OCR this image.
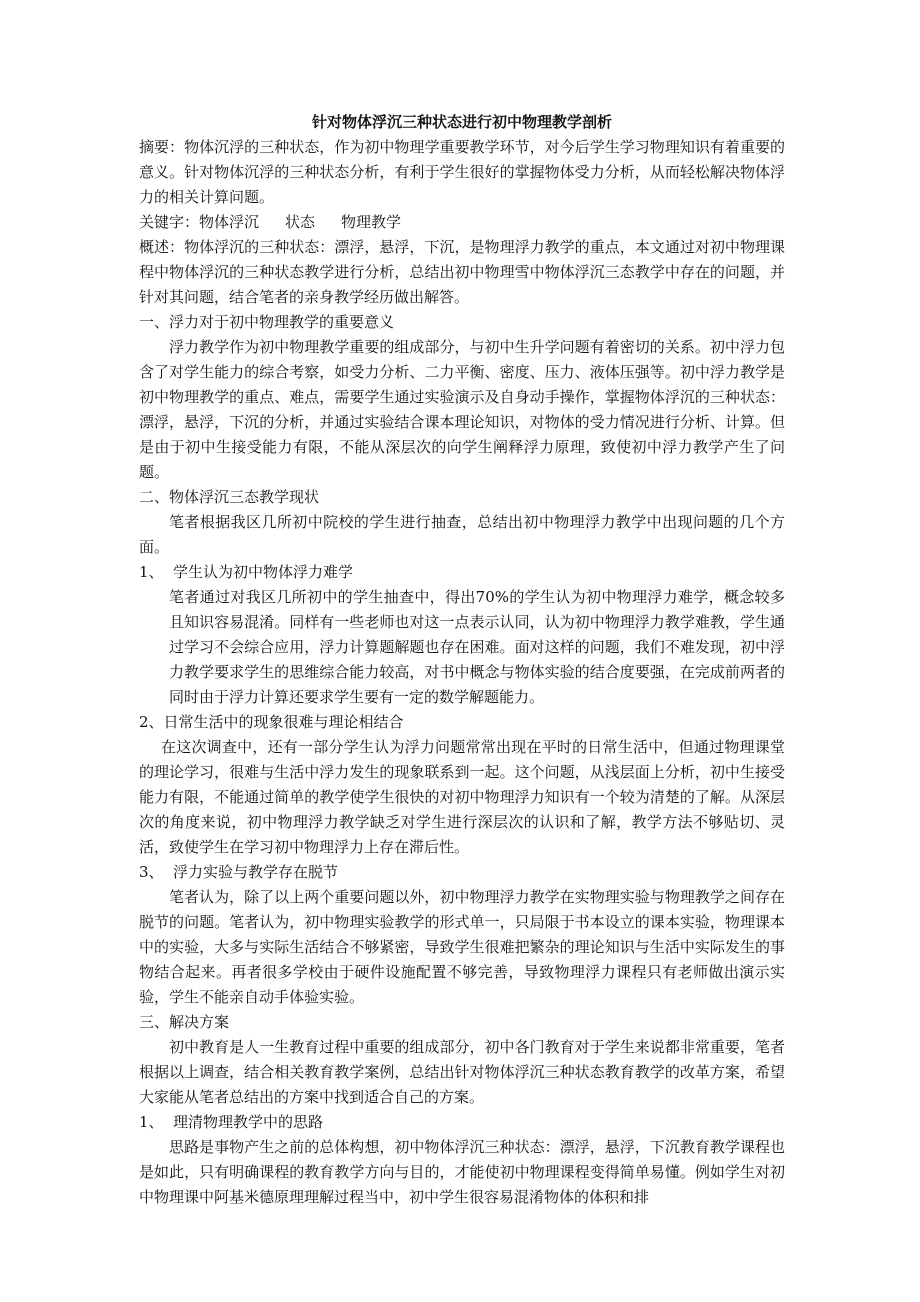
针对物体浮沉三种状态进行初中物理教学剖析

摘要：物体沉浮的三种状态，作为初中物理学重要教学环节，对今后学生学习物理知识有着重要的意义。针对物体沉浮的三种状态分析，有利于学生很好的掌握物体受力分析，从而轻松解决物体浮力的相关计算问题。

关键字：物体浮沉 状态 物理教学

概述：物体浮沉的三种状态：漂浮，悬浮，下沉，是物理浮力教学的重点，本文通过对初中物理课程中物体浮沉的三种状态教学进行分析，总结出初中物理雪中物体浮沉三态教学中存在的问题，并针对其问题，结合笔者的亲身教学经历做出解答。

一、浮力对于初中物理教学的重要意义

浮力教学作为初中物理教学重要的组成部分，与初中生升学问题有着密切的关系。初中浮力包含了对学生能力的综合考察，如受力分析、二力平衡、密度、压力、液体压强等。初中浮力教学是初中物理教学的重点、难点，需要学生通过实验演示及自身动手操作，掌握物体浮沉的三种状态：漂浮，悬浮，下沉的分析，并通过实验结合课本理论知识，对物体的受力情况进行分析、计算。但是由于初中生接受能力有限，不能从深层次的向学生阐释浮力原理，致使初中浮力教学产生了问题。

二、物体浮沉三态教学现状

笔者根据我区几所初中院校的学生进行抽查，总结出初中物理浮力教学中出现问题的几个方面。

1、 学生认为初中物体浮力难学

笔者通过对我区几所初中的学生抽查中，得出70%的学生认为初中物理浮力难学，概念较多且知识容易混淆。同样有一些老师也对这一点表示认同，认为初中物理浮力教学难教，学生通过学习不会综合应用，浮力计算题解题也存在困难。面对这样的问题，我们不难发现，初中浮力教学要求学生的思维综合能力较高，对书中概念与物体实验的结合度要强，在完成前两者的同时由于浮力计算还要求学生要有一定的数学解题能力。

2、日常生活中的现象很难与理论相结合

在这次调查中，还有一部分学生认为浮力问题常常出现在平时的日常生活中，但通过物理课堂的理论学习，很难与生活中浮力发生的现象联系到一起。这个问题，从浅层面上分析，初中生接受能力有限，不能通过简单的教学使学生很快的对初中物理浮力知识有一个较为清楚的了解。从深层次的角度来说，初中物理浮力教学缺乏对学生进行深层次的认识和了解，教学方法不够贴切、灵活，致使学生在学习初中物理浮力上存在滞后性。

3、 浮力实验与教学存在脱节

笔者认为，除了以上两个重要问题以外，初中物理浮力教学在实物理实验与物理教学之间存在脱节的问题。笔者认为，初中物理实验教学的形式单一，只局限于书本设立的课本实验，物理课本中的实验，大多与实际生活结合不够紧密，导致学生很难把繁杂的理论知识与生活中实际发生的事物结合起来。再者很多学校由于硬件设施配置不够完善，导致物理浮力课程只有老师做出演示实验，学生不能亲自动手体验实验。

三、解决方案

初中教育是人一生教育过程中重要的组成部分，初中各门教育对于学生来说都非常重要，笔者根据以上调查，结合相关教育教学案例，总结出针对物体浮沉三种状态教育教学的改革方案，希望大家能从笔者总结出的方案中找到适合自己的方案。

1、 理清物理教学中的思路

思路是事物产生之前的总体构想，初中物体浮沉三种状态：漂浮，悬浮，下沉教育教学课程也是如此，只有明确课程的教育教学方向与目的，才能使初中物理课程变得简单易懂。例如学生对初中物理课中阿基米德原理理解过程当中，初中学生很容易混淆物体的体积和排
